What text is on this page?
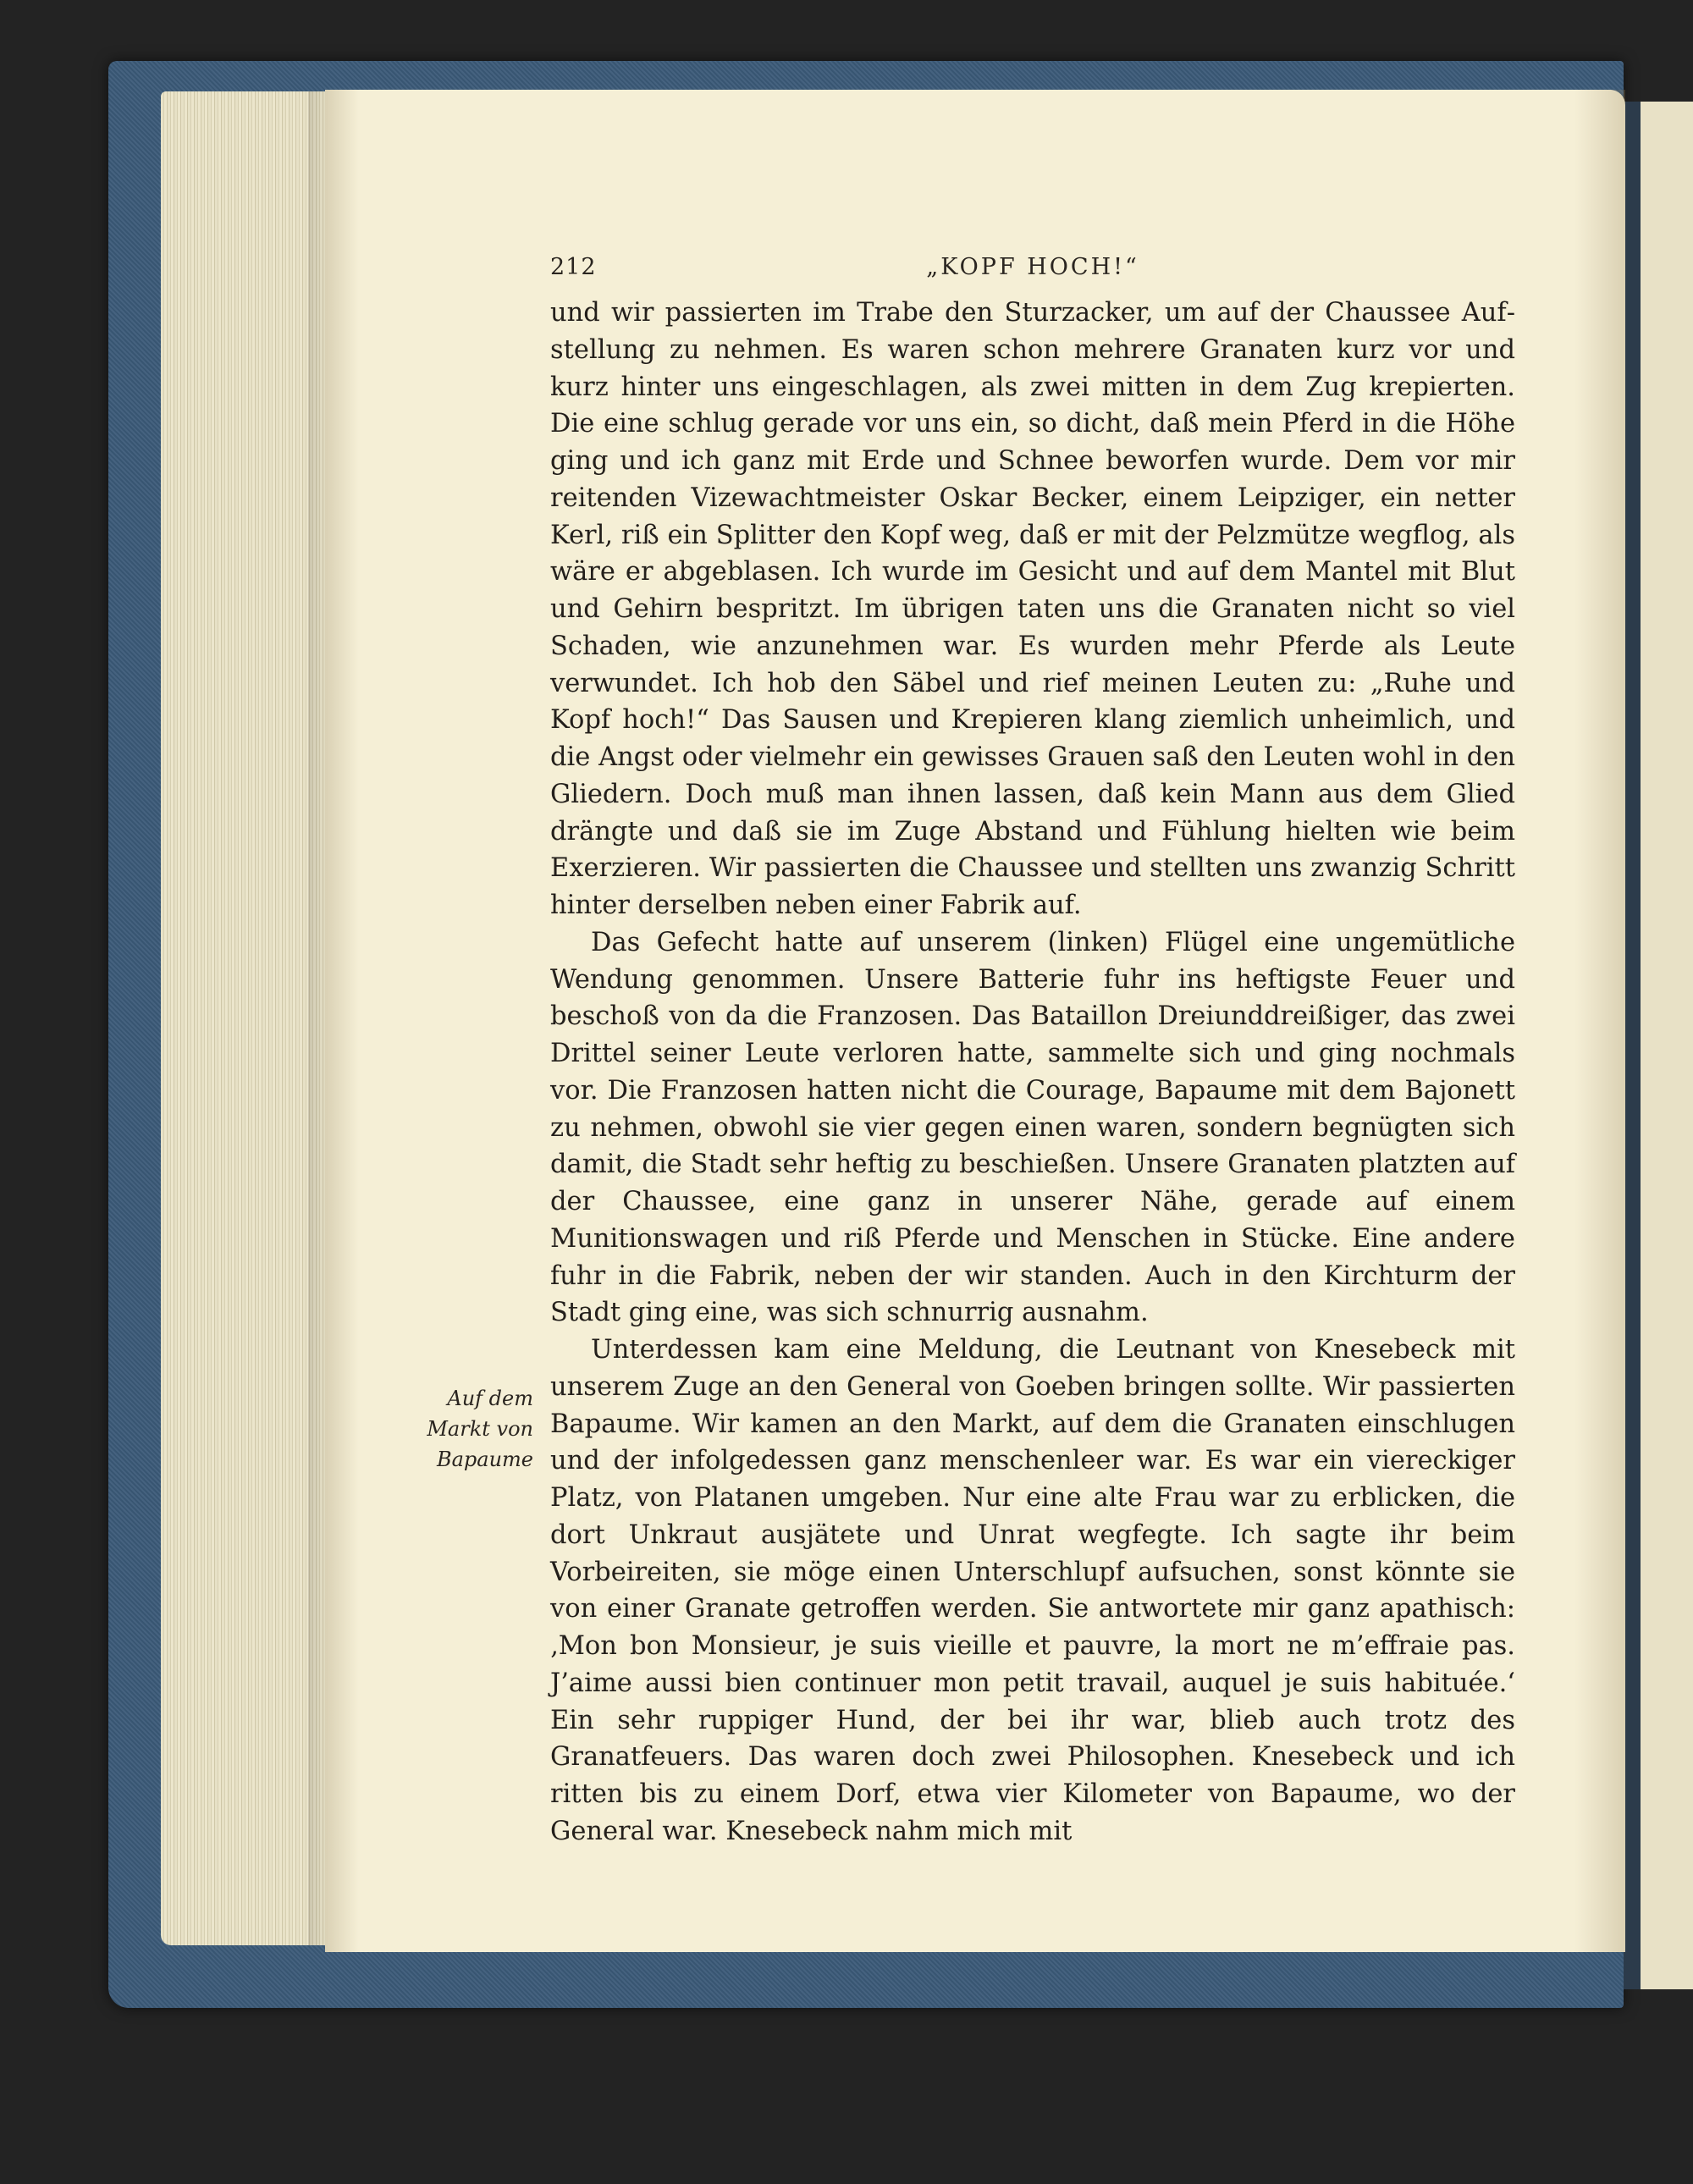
212	„KOPF HOCH!“
Auf dem
Markt von
Bapaume

und wir passierten im Trabe den Sturzacker, um auf der Chaussee Aufstellung zu nehmen. Es waren schon mehrere Granaten kurz vor und kurz hinter uns eingeschlagen, als zwei mitten in dem Zug krepierten. Die eine schlug gerade vor uns ein, so dicht, daß mein Pferd in die Höhe ging und ich ganz mit Erde und Schnee beworfen wurde. Dem vor mir reitenden Vizewachtmeister Oskar Becker, einem Leipziger, ein netter Kerl, riß ein Splitter den Kopf weg, daß er mit der Pelzmütze wegflog, als wäre er abgeblasen. Ich wurde im Gesicht und auf dem Mantel mit Blut und Gehirn bespritzt. Im übrigen taten uns die Granaten nicht so viel Schaden, wie anzunehmen war. Es wurden mehr Pferde als Leute verwundet. Ich hob den Säbel und rief meinen Leuten zu: „Ruhe und Kopf hoch!“ Das Sausen und Krepieren klang ziemlich unheimlich, und die Angst oder vielmehr ein gewisses Grauen saß den Leuten wohl in den Gliedern. Doch muß man ihnen lassen, daß kein Mann aus dem Glied drängte und daß sie im Zuge Abstand und Fühlung hielten wie beim Exerzieren. Wir passierten die Chaussee und stellten uns zwanzig Schritt hinter derselben neben einer Fabrik auf.

Das Gefecht hatte auf unserem (linken) Flügel eine ungemütliche Wendung genommen. Unsere Batterie fuhr ins heftigste Feuer und beschoß von da die Franzosen. Das Bataillon Dreiunddreißiger, das zwei Drittel seiner Leute verloren hatte, sammelte sich und ging nochmals vor. Die Franzosen hatten nicht die Courage, Bapaume mit dem Bajonett zu nehmen, obwohl sie vier gegen einen waren, sondern begnügten sich damit, die Stadt sehr heftig zu beschießen. Unsere Granaten platzten auf der Chaussee, eine ganz in unserer Nähe, gerade auf einem Munitionswagen und riß Pferde und Menschen in Stücke. Eine andere fuhr in die Fabrik, neben der wir standen. Auch in den Kirchturm der Stadt ging eine, was sich schnurrig ausnahm.

Unterdessen kam eine Meldung, die Leutnant von Knesebeck mit unserem Zuge an den General von Goeben bringen sollte. Wir passierten Bapaume. Wir kamen an den Markt, auf dem die Granaten einschlugen und der infolgedessen ganz menschenleer war. Es war ein viereckiger Platz, von Platanen umgeben. Nur eine alte Frau war zu erblicken, die dort Unkraut ausjätete und Unrat wegfegte. Ich sagte ihr beim Vorbeireiten, sie möge einen Unterschlupf aufsuchen, sonst könnte sie von einer Granate getroffen werden. Sie antwortete mir ganz apathisch: ‚Mon bon Monsieur, je suis vieille et pauvre, la mort ne m’effraie pas. J’aime aussi bien continuer mon petit travail, auquel je suis habituée.‘ Ein sehr ruppiger Hund, der bei ihr war, blieb auch trotz des Granatfeuers. Das waren doch zwei Philosophen. Knesebeck und ich ritten bis zu einem Dorf, etwa vier Kilometer von Bapaume, wo der General war. Knesebeck nahm mich mit
